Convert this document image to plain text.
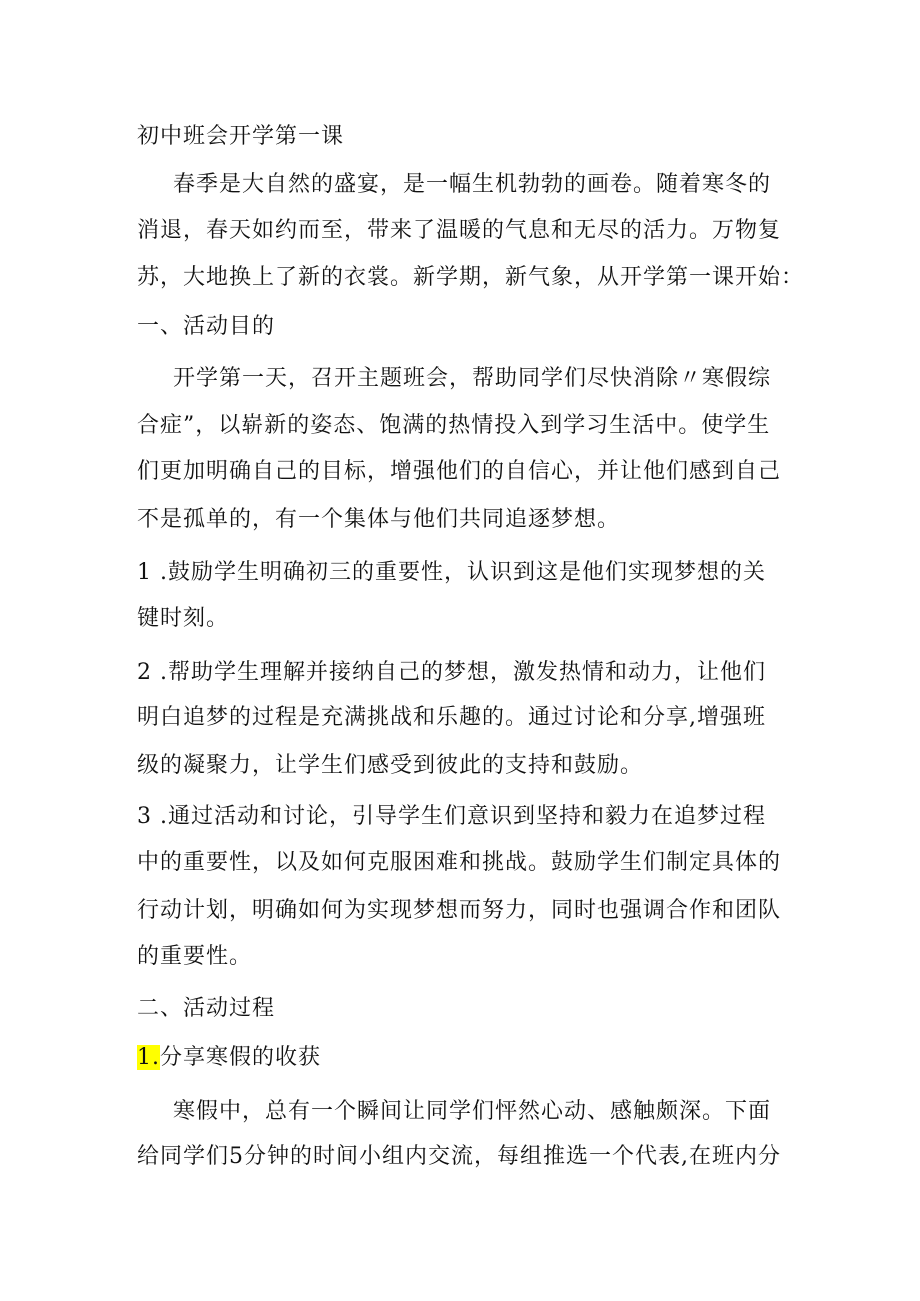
初中班会开学第一课
春季是大自然的盛宴，是一幅生机勃勃的画卷。随着寒冬的
消退，春天如约而至，带来了温暖的气息和无尽的活力。万物复
苏，大地换上了新的衣裳。新学期，新气象，从开学第一课开始：
一、活动目的
开学第一天，召开主题班会，帮助同学们尽快消除〃寒假综
合症”，以崭新的姿态、饱满的热情投入到学习生活中。使学生
们更加明确自己的目标，增强他们的自信心，并让他们感到自己
不是孤单的，有一个集体与他们共同追逐梦想。
1 .鼓励学生明确初三的重要性，认识到这是他们实现梦想的关
键时刻。
2 .帮助学生理解并接纳自己的梦想，激发热情和动力，让他们
明白追梦的过程是充满挑战和乐趣的。通过讨论和分享,增强班
级的凝聚力，让学生们感受到彼此的支持和鼓励。
3 .通过活动和讨论，引导学生们意识到坚持和毅力在追梦过程
中的重要性，以及如何克服困难和挑战。鼓励学生们制定具体的
行动计划，明确如何为实现梦想而努力，同时也强调合作和团队
的重要性。
二、活动过程
1.分享寒假的收获
寒假中，总有一个瞬间让同学们怦然心动、感触颇深。下面
给同学们5分钟的时间小组内交流，每组推选一个代表,在班内分
